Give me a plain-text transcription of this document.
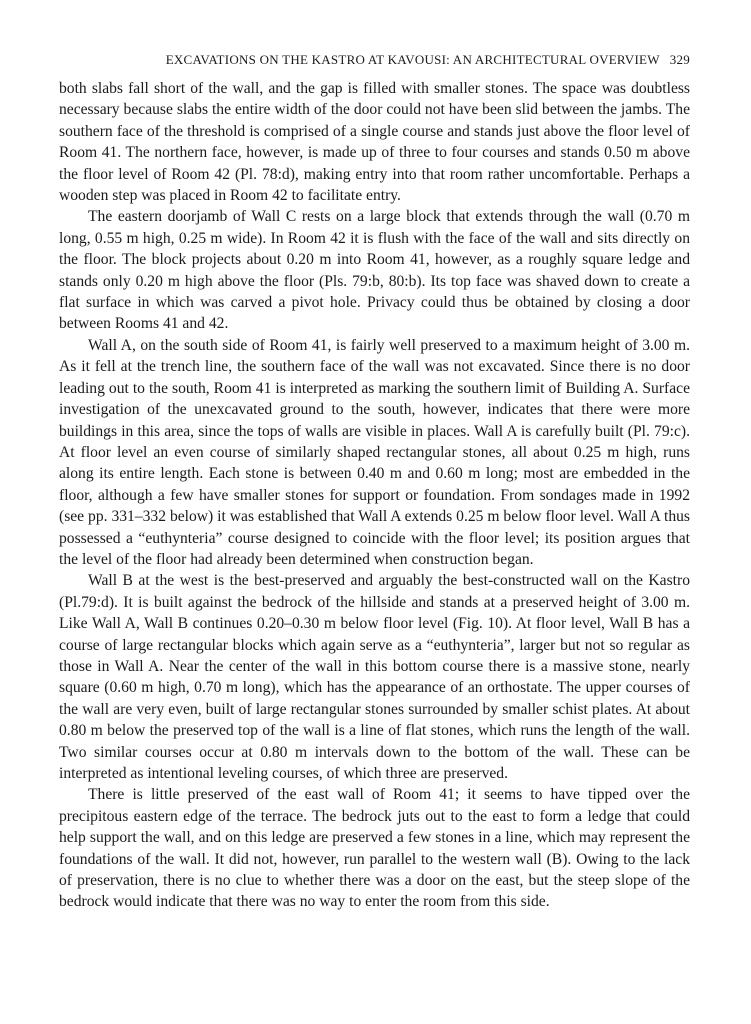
EXCAVATIONS ON THE KASTRO AT KAVOUSI: AN ARCHITECTURAL OVERVIEW 329

both slabs fall short of the wall, and the gap is filled with smaller stones. The space was doubtless necessary because slabs the entire width of the door could not have been slid between the jambs. The southern face of the threshold is comprised of a single course and stands just above the floor level of Room 41. The northern face, however, is made up of three to four courses and stands 0.50 m above the floor level of Room 42 (Pl. 78:d), making entry into that room rather uncomfortable. Perhaps a wooden step was placed in Room 42 to facilitate entry.

The eastern doorjamb of Wall C rests on a large block that extends through the wall (0.70 m long, 0.55 m high, 0.25 m wide). In Room 42 it is flush with the face of the wall and sits directly on the floor. The block projects about 0.20 m into Room 41, however, as a roughly square ledge and stands only 0.20 m high above the floor (Pls. 79:b, 80:b). Its top face was shaved down to create a flat surface in which was carved a pivot hole. Privacy could thus be obtained by closing a door between Rooms 41 and 42.

Wall A, on the south side of Room 41, is fairly well preserved to a maximum height of 3.00 m. As it fell at the trench line, the southern face of the wall was not excavated. Since there is no door leading out to the south, Room 41 is interpreted as marking the southern limit of Building A. Surface investigation of the unexcavated ground to the south, however, indicates that there were more buildings in this area, since the tops of walls are visible in places. Wall A is carefully built (Pl. 79:c). At floor level an even course of similarly shaped rectangular stones, all about 0.25 m high, runs along its entire length. Each stone is between 0.40 m and 0.60 m long; most are embedded in the floor, although a few have smaller stones for support or foundation. From sondages made in 1992 (see pp. 331–332 below) it was established that Wall A extends 0.25 m below floor level. Wall A thus possessed a “euthynteria” course designed to coincide with the floor level; its position argues that the level of the floor had already been determined when construction began.

Wall B at the west is the best-preserved and arguably the best-constructed wall on the Kastro (Pl.79:d). It is built against the bedrock of the hillside and stands at a preserved height of 3.00 m. Like Wall A, Wall B continues 0.20–0.30 m below floor level (Fig. 10). At floor level, Wall B has a course of large rectangular blocks which again serve as a “euthynteria”, larger but not so regular as those in Wall A. Near the center of the wall in this bottom course there is a massive stone, nearly square (0.60 m high, 0.70 m long), which has the appearance of an orthostate. The upper courses of the wall are very even, built of large rectangular stones surrounded by smaller schist plates. At about 0.80 m below the preserved top of the wall is a line of flat stones, which runs the length of the wall. Two similar courses occur at 0.80 m intervals down to the bottom of the wall. These can be interpreted as intentional leveling courses, of which three are preserved.

There is little preserved of the east wall of Room 41; it seems to have tipped over the precipitous eastern edge of the terrace. The bedrock juts out to the east to form a ledge that could help support the wall, and on this ledge are preserved a few stones in a line, which may represent the foundations of the wall. It did not, however, run parallel to the western wall (B). Owing to the lack of preservation, there is no clue to whether there was a door on the east, but the steep slope of the bedrock would indicate that there was no way to enter the room from this side.
